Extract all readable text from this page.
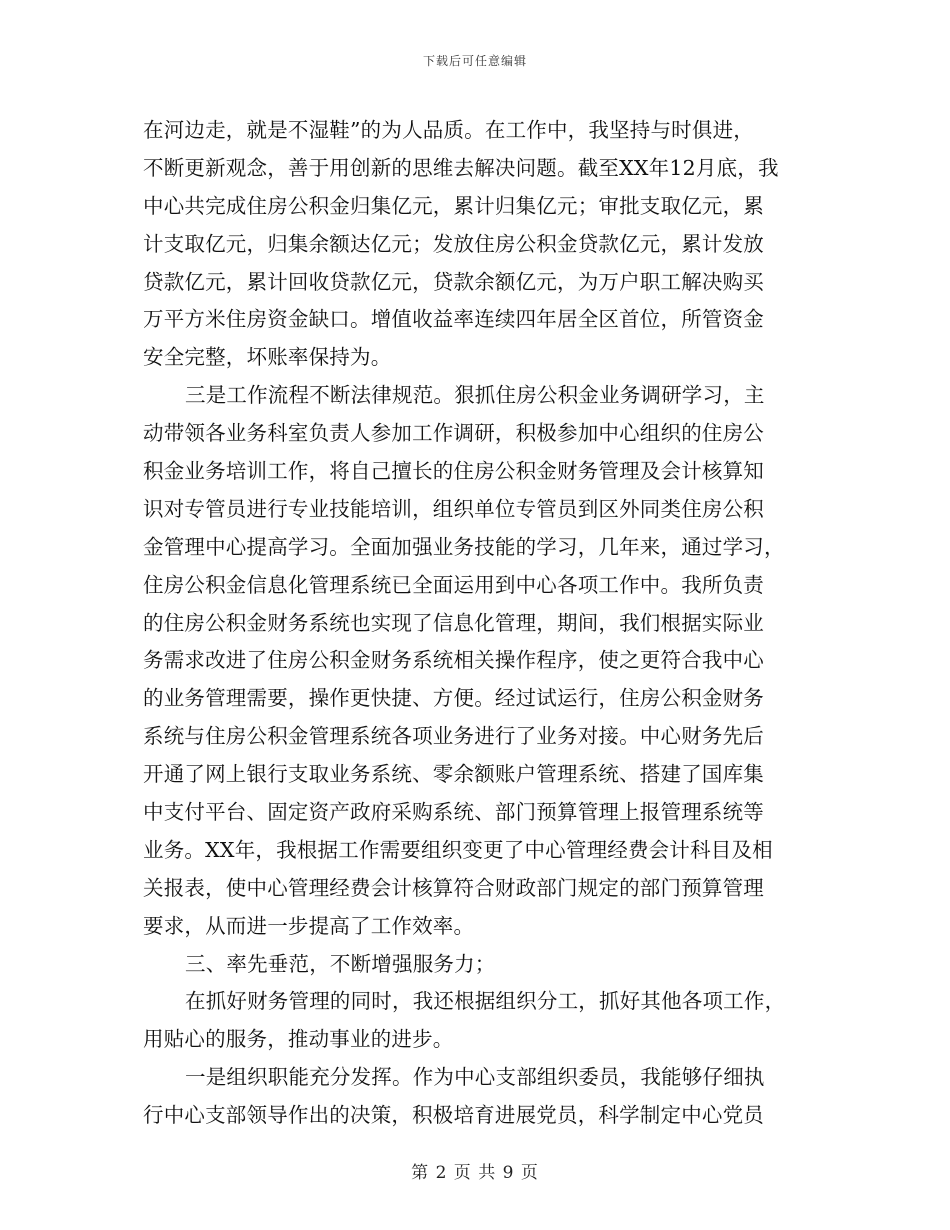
下载后可任意编辑
在河边走，就是不湿鞋”的为人品质。在工作中，我坚持与时俱进，
不断更新观念，善于用创新的思维去解决问题。截至XX年12月底，我
中心共完成住房公积金归集亿元，累计归集亿元；审批支取亿元，累
计支取亿元，归集余额达亿元；发放住房公积金贷款亿元，累计发放
贷款亿元，累计回收贷款亿元，贷款余额亿元，为万户职工解决购买
万平方米住房资金缺口。增值收益率连续四年居全区首位，所管资金
安全完整，坏账率保持为。
三是工作流程不断法律规范。狠抓住房公积金业务调研学习，主
动带领各业务科室负责人参加工作调研，积极参加中心组织的住房公
积金业务培训工作，将自己擅长的住房公积金财务管理及会计核算知
识对专管员进行专业技能培训，组织单位专管员到区外同类住房公积
金管理中心提高学习。全面加强业务技能的学习，几年来，通过学习，
住房公积金信息化管理系统已全面运用到中心各项工作中。我所负责
的住房公积金财务系统也实现了信息化管理，期间，我们根据实际业
务需求改进了住房公积金财务系统相关操作程序，使之更符合我中心
的业务管理需要，操作更快捷、方便。经过试运行，住房公积金财务
系统与住房公积金管理系统各项业务进行了业务对接。中心财务先后
开通了网上银行支取业务系统、零余额账户管理系统、搭建了国库集
中支付平台、固定资产政府采购系统、部门预算管理上报管理系统等
业务。XX年，我根据工作需要组织变更了中心管理经费会计科目及相
关报表，使中心管理经费会计核算符合财政部门规定的部门预算管理
要求，从而进一步提高了工作效率。
三、率先垂范，不断增强服务力；
在抓好财务管理的同时，我还根据组织分工，抓好其他各项工作，
用贴心的服务，推动事业的进步。
一是组织职能充分发挥。作为中心支部组织委员，我能够仔细执
行中心支部领导作出的决策，积极培育进展党员，科学制定中心党员
第 2 页 共 9 页
